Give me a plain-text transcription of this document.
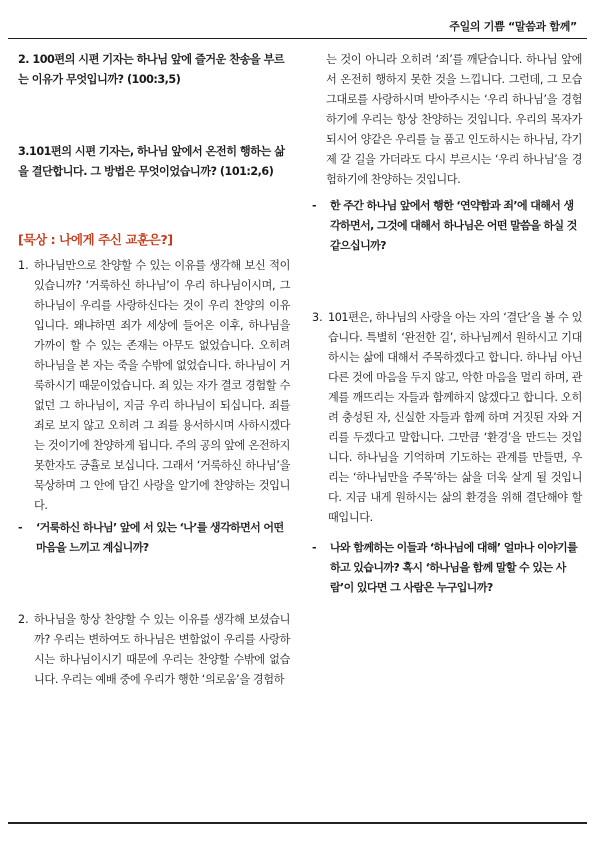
주일의 기쁨 “말씀과 함께”

2. 100편의 시편 기자는 하나님 앞에 즐거운 찬송을 부르는 이유가 무엇입니까? (100:3,5)

3.101편의 시편 기자는, 하나님 앞에서 온전히 행하는 삶을 결단합니다. 그 방법은 무엇이었습니까? (101:2,6)

[묵상 : 나에게 주신 교훈은?]

1. 하나님만으로 찬양할 수 있는 이유를 생각해 보신 적이 있습니까? ‘거룩하신 하나님’이 우리 하나님이시며, 그 하나님이 우리를 사랑하신다는 것이 우리 찬양의 이유입니다. 왜냐하면 죄가 세상에 들어온 이후, 하나님을 가까이 할 수 있는 존재는 아무도 없었습니다. 오히려 하나님을 본 자는 죽을 수밖에 없었습니다. 하나님이 거룩하시기 때문이었습니다. 죄 있는 자가 결코 경험할 수 없던 그 하나님이, 지금 우리 하나님이 되십니다. 죄를 죄로 보지 않고 오히려 그 죄를 용서하시며 사하시겠다는 것이기에 찬양하게 됩니다. 주의 공의 앞에 온전하지 못한자도 긍휼로 보십니다. 그래서 ‘거룩하신 하나님’을 묵상하며 그 안에 담긴 사랑을 알기에 찬양하는 것입니다.

-	‘거룩하신 하나님’ 앞에 서 있는 ‘나’를 생각하면서 어떤 마음을 느끼고 계십니까?

2. 하나님을 항상 찬양할 수 있는 이유를 생각해 보셨습니까? 우리는 변하여도 하나님은 변함없이 우리를 사랑하시는 하나님이시기 때문에 우리는 찬양할 수밖에 없습니다. 우리는 예배 중에 우리가 행한 ‘의로움’을 경험하

는 것이 아니라 오히려 ‘죄’를 깨닫습니다. 하나님 앞에서 온전히 행하지 못한 것을 느낍니다. 그런데, 그 모습 그대로를 사랑하시며 받아주시는 ‘우리 하나님’을 경험하기에 우리는 항상 찬양하는 것입니다. 우리의 목자가 되시어 양같은 우리를 늘 품고 인도하시는 하나님, 각기 제 갈 길을 가더라도 다시 부르시는 ‘우리 하나님’을 경험하기에 찬양하는 것입니다.

-	한 주간 하나님 앞에서 행한 ‘연약함과 죄’에 대해서 생각하면서, 그것에 대해서 하나님은 어떤 말씀을 하실 것 같으십니까?

3. 101편은, 하나님의 사랑을 아는 자의 ‘결단’을 볼 수 있습니다. 특별히 ‘완전한 길’, 하나님께서 원하시고 기대하시는 삶에 대해서 주목하겠다고 합니다. 하나님 아닌 다른 것에 마음을 두지 않고, 악한 마음을 멀리 하며, 관계를 깨뜨리는 자들과 함께하지 않겠다고 합니다. 오히려 충성된 자, 신실한 자들과 함께 하며 거짓된 자와 거리를 두겠다고 말합니다. 그만큼 ‘환경’을 만드는 것입니다. 하나님을 기억하며 기도하는 관계를 만들면, 우리는 ‘하나님만을 주목’하는 삶을 더욱 살게 될 것입니다. 지금 내게 원하시는 삶의 환경을 위해 결단해야 할 때입니다.

-	나와 함께하는 이들과 ‘하나님에 대해’ 얼마나 이야기를 하고 있습니까? 혹시 ‘하나님을 함께 말할 수 있는 사람’이 있다면 그 사람은 누구입니까?
